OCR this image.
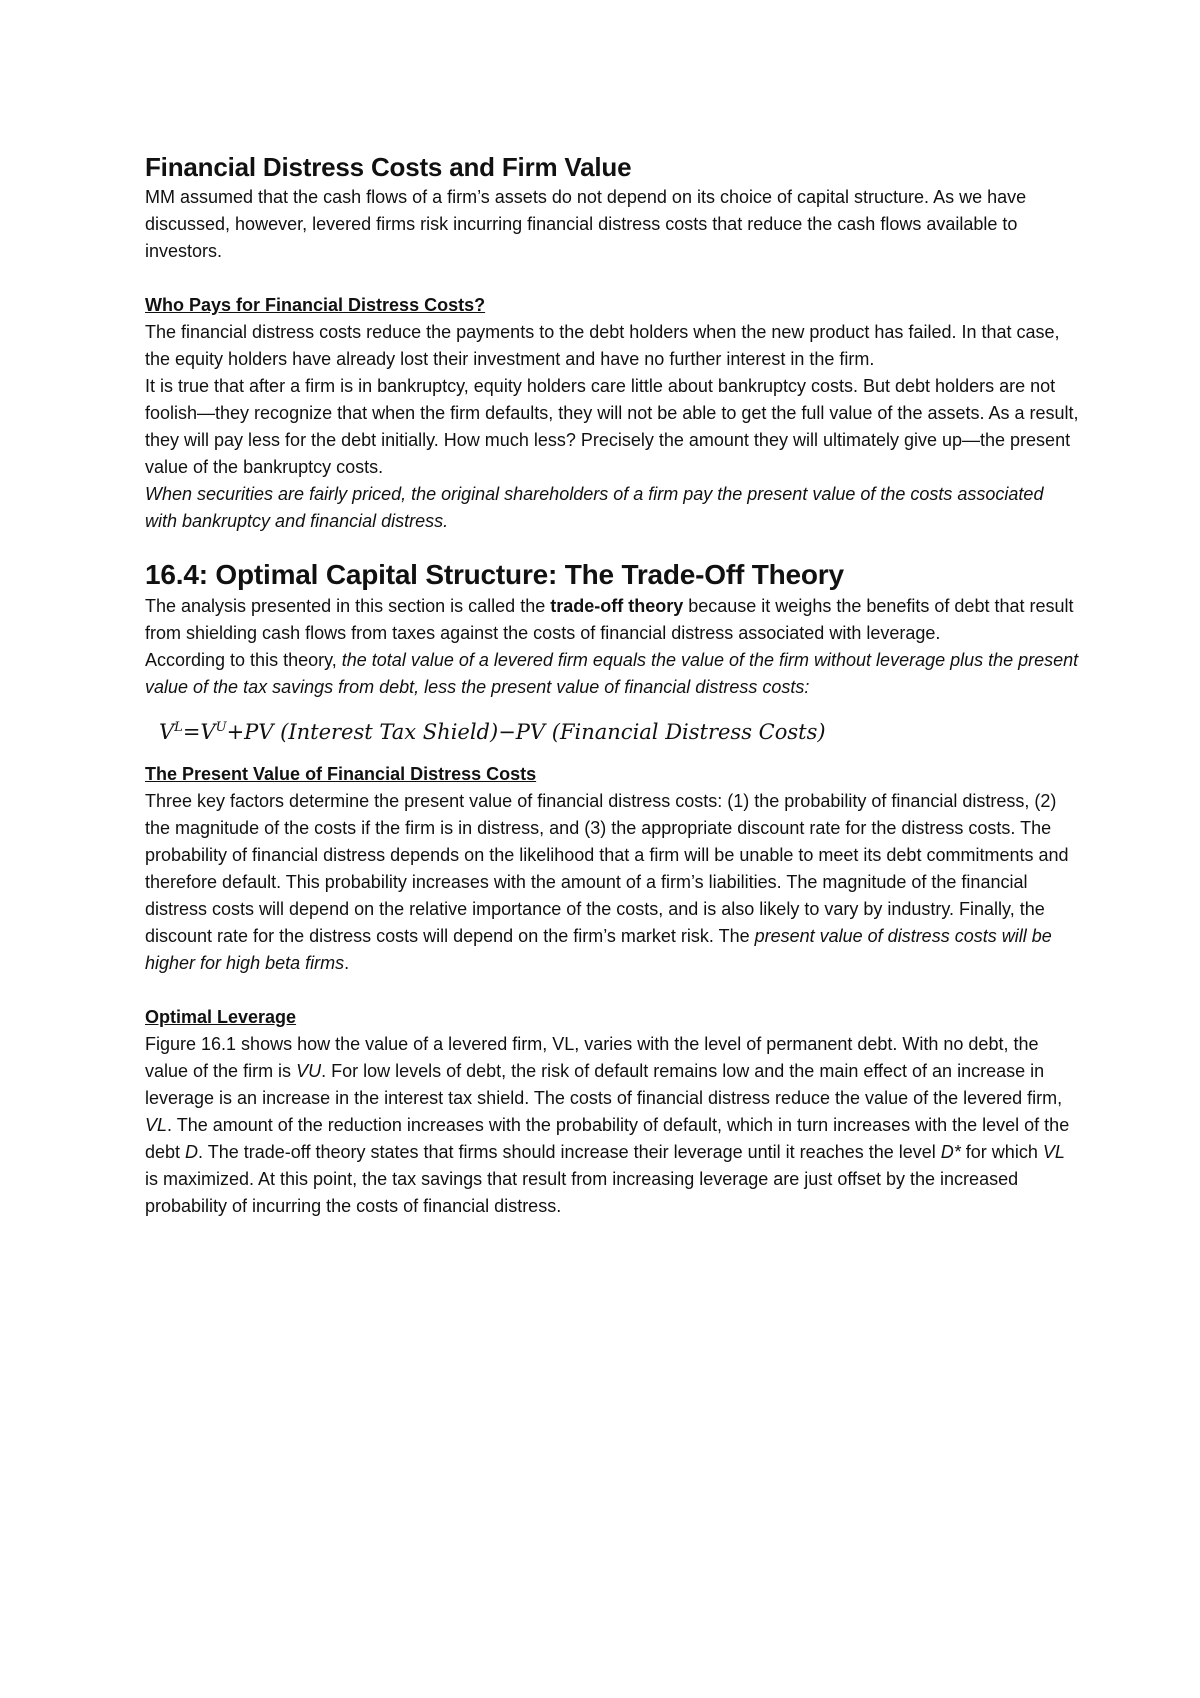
Financial Distress Costs and Firm Value

MM assumed that the cash flows of a firm’s assets do not depend on its choice of capital structure. As we have discussed, however, levered firms risk incurring financial distress costs that reduce the cash flows available to investors.

Who Pays for Financial Distress Costs?

The financial distress costs reduce the payments to the debt holders when the new product has failed. In that case, the equity holders have already lost their investment and have no further interest in the firm.

It is true that after a firm is in bankruptcy, equity holders care little about bankruptcy costs. But debt holders are not foolish—they recognize that when the firm defaults, they will not be able to get the full value of the assets. As a result, they will pay less for the debt initially. How much less? Precisely the amount they will ultimately give up—the present value of the bankruptcy costs.

When securities are fairly priced, the original shareholders of a firm pay the present value of the costs associated with bankruptcy and financial distress.

16.4: Optimal Capital Structure: The Trade-Off Theory

The analysis presented in this section is called the trade-off theory because it weighs the benefits of debt that result from shielding cash flows from taxes against the costs of financial distress associated with leverage.

According to this theory, the total value of a levered firm equals the value of the firm without leverage plus the present value of the tax savings from debt, less the present value of financial distress costs:

$V^L=V^U+PV$ (Interest Tax Shield)−PV (Financial Distress Costs)

The Present Value of Financial Distress Costs

Three key factors determine the present value of financial distress costs: (1) the probability of financial distress, (2) the magnitude of the costs if the firm is in distress, and (3) the appropriate discount rate for the distress costs. The probability of financial distress depends on the likelihood that a firm will be unable to meet its debt commitments and therefore default. This probability increases with the amount of a firm’s liabilities. The magnitude of the financial distress costs will depend on the relative importance of the costs, and is also likely to vary by industry. Finally, the discount rate for the distress costs will depend on the firm’s market risk. The present value of distress costs will be higher for high beta firms.

Optimal Leverage

Figure 16.1 shows how the value of a levered firm, VL, varies with the level of permanent debt. With no debt, the value of the firm is VU. For low levels of debt, the risk of default remains low and the main effect of an increase in leverage is an increase in the interest tax shield. The costs of financial distress reduce the value of the levered firm, VL. The amount of the reduction increases with the probability of default, which in turn increases with the level of the debt D. The trade-off theory states that firms should increase their leverage until it reaches the level D* for which VL is maximized. At this point, the tax savings that result from increasing leverage are just offset by the increased probability of incurring the costs of financial distress.
